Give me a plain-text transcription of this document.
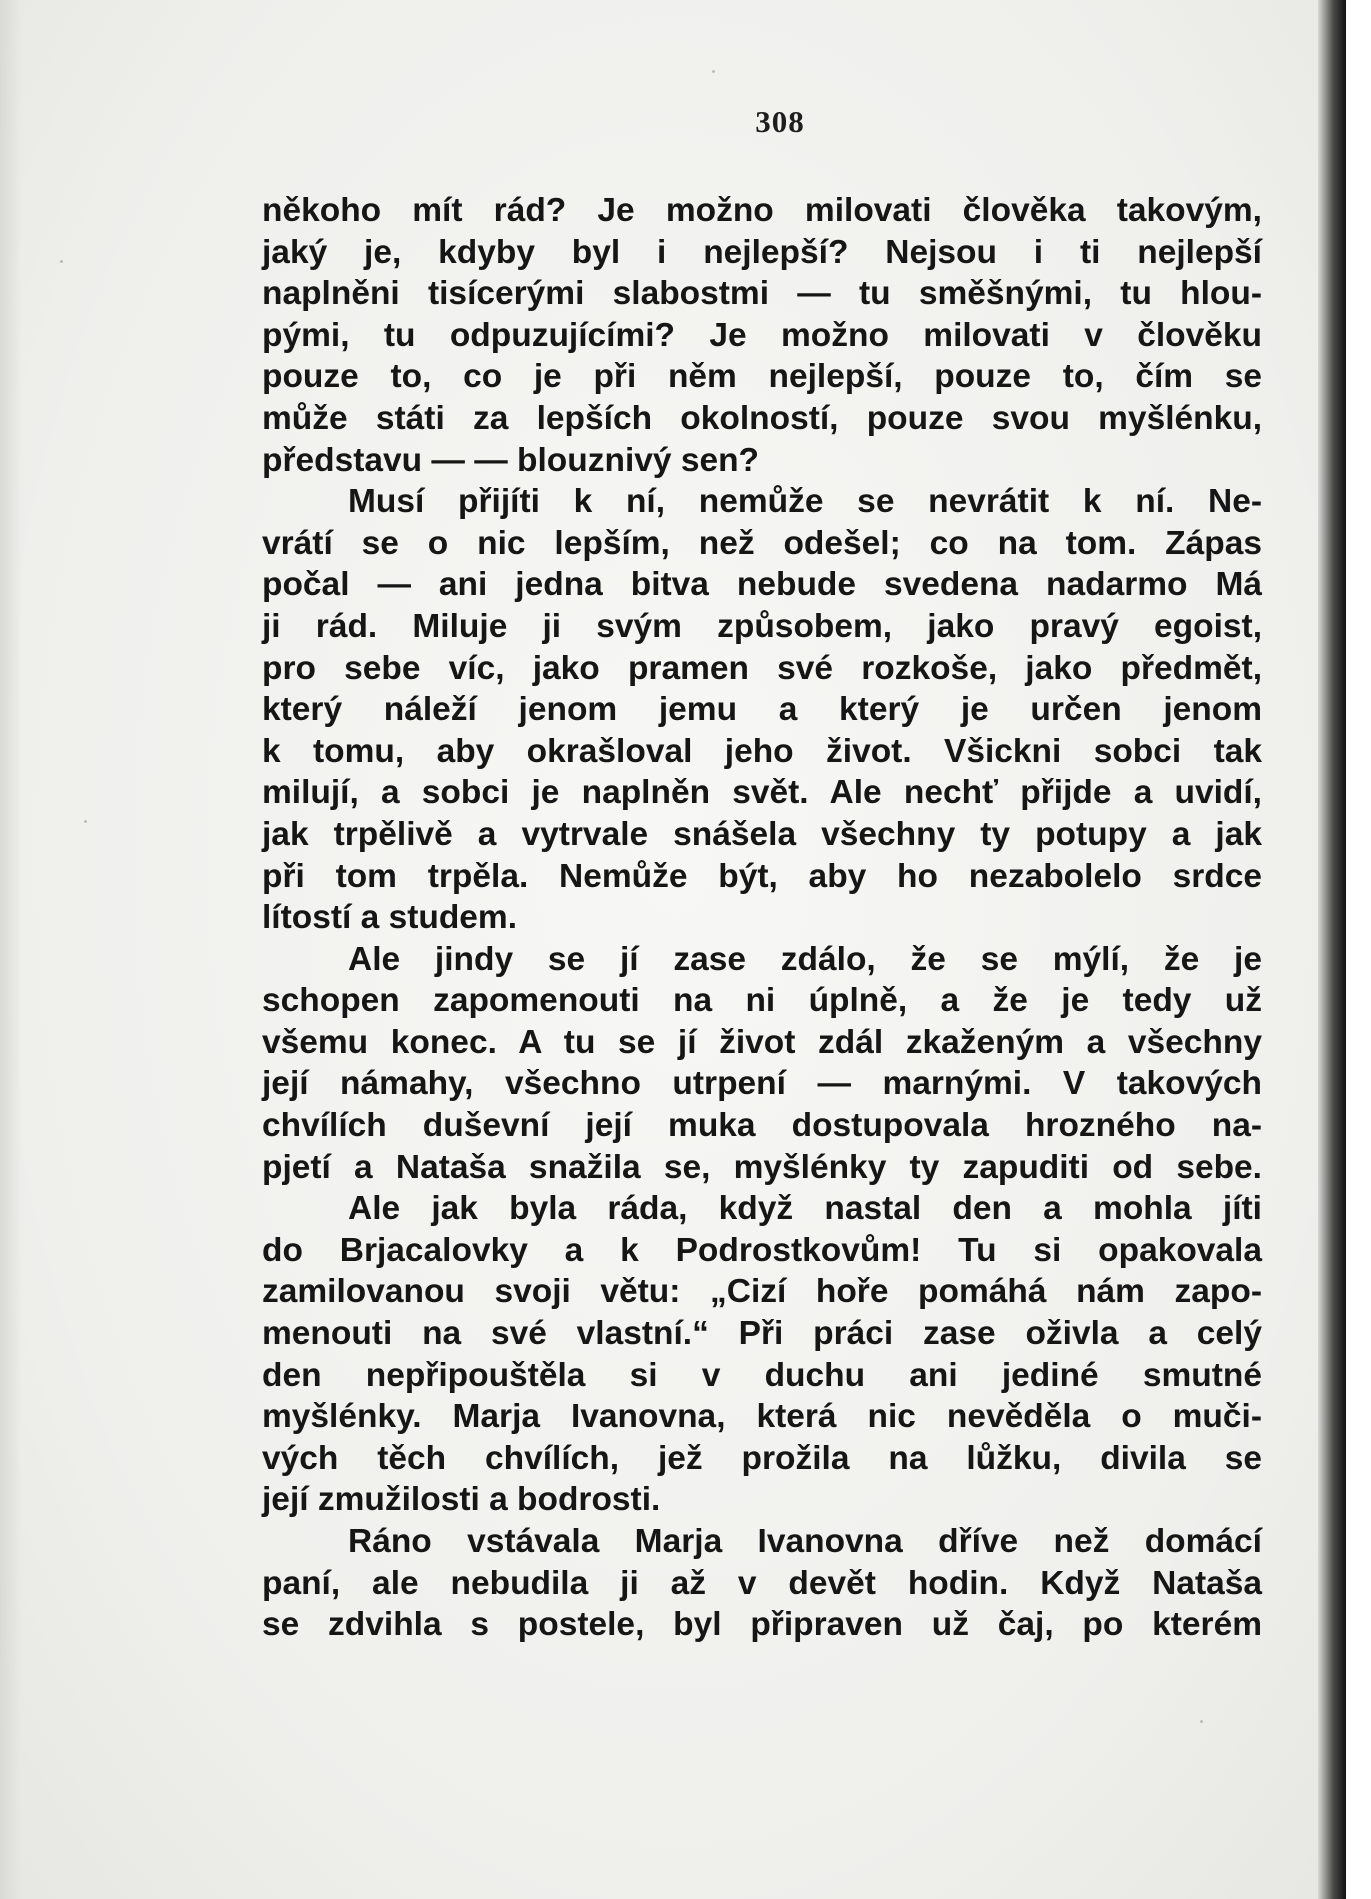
308
někoho mít rád? Je možno milovati člověka takovým,
jaký je, kdyby byl i nejlepší? Nejsou i ti nejlepší
naplněni tisícerými slabostmi — tu směšnými, tu hlou-
pými, tu odpuzujícími? Je možno milovati v člověku
pouze to, co je při něm nejlepší, pouze to, čím se
může státi za lepších okolností, pouze svou myšlénku,
představu — — blouznivý sen?
Musí přijíti k ní, nemůže se nevrátit k ní. Ne-
vrátí se o nic lepším, než odešel; co na tom. Zápas
počal — ani jedna bitva nebude svedena nadarmo Má
ji rád. Miluje ji svým způsobem, jako pravý egoist,
pro sebe víc, jako pramen své rozkoše, jako předmět,
který náleží jenom jemu a který je určen jenom
k tomu, aby okrašloval jeho život. Všickni sobci tak
milují, a sobci je naplněn svět. Ale nechť přijde a uvidí,
jak trpělivě a vytrvale snášela všechny ty potupy a jak
při tom trpěla. Nemůže být, aby ho nezabolelo srdce
lítostí a studem.
Ale jindy se jí zase zdálo, že se mýlí, že je
schopen zapomenouti na ni úplně, a že je tedy už
všemu konec. A tu se jí život zdál zkaženým a všechny
její námahy, všechno utrpení — marnými. V takových
chvílích duševní její muka dostupovala hrozného na-
pjetí a Nataša snažila se, myšlénky ty zapuditi od sebe.
Ale jak byla ráda, když nastal den a mohla jíti
do Brjacalovky a k Podrostkovům! Tu si opakovala
zamilovanou svoji větu: „Cizí hoře pomáhá nám zapo-
menouti na své vlastní.“ Při práci zase oživla a celý
den nepřipouštěla si v duchu ani jediné smutné
myšlénky. Marja Ivanovna, která nic nevěděla o muči-
vých těch chvílích, jež prožila na lůžku, divila se
její zmužilosti a bodrosti.
Ráno vstávala Marja Ivanovna dříve než domácí
paní, ale nebudila ji až v devět hodin. Když Nataša
se zdvihla s postele, byl připraven už čaj, po kterém
